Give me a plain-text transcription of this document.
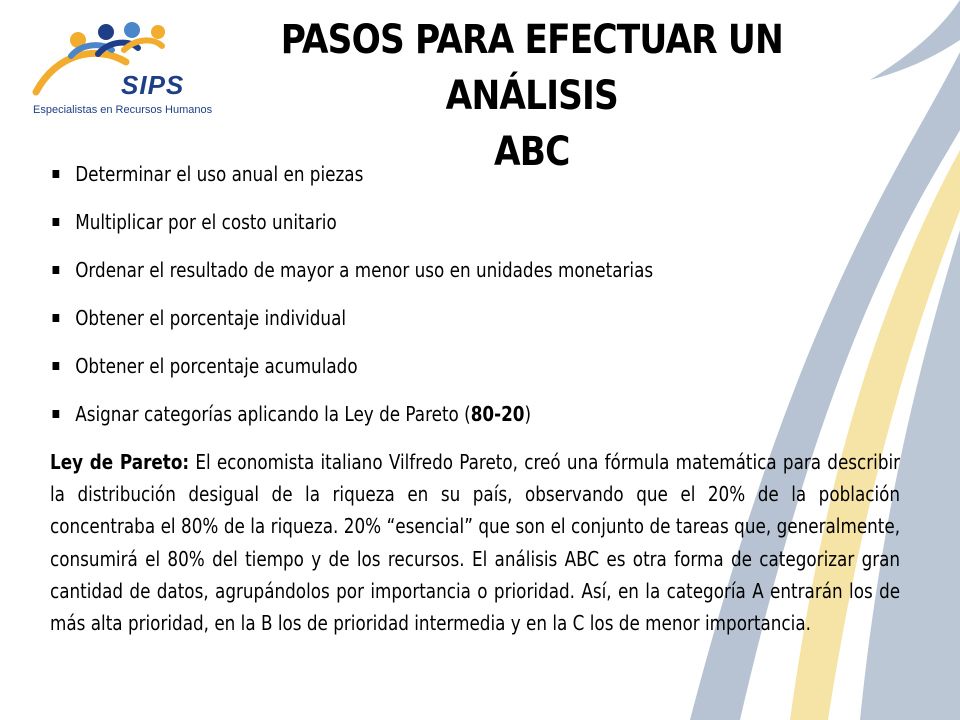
SIPS
Especialistas en Recursos Humanos
PASOS PARA EFECTUAR UN ANÁLISIS
ABC
Determinar el uso anual en piezas
Multiplicar por el costo unitario
Ordenar el resultado de mayor a menor uso en unidades monetarias
Obtener el porcentaje individual
Obtener el porcentaje acumulado
Asignar categorías aplicando la Ley de Pareto (80-20)
Ley de Pareto: El economista italiano Vilfredo Pareto, creó una fórmula matemática para describir la distribución desigual de la riqueza en su país, observando que el 20% de la población concentraba el 80% de la riqueza. 20% “esencial” que son el conjunto de tareas que, generalmente, consumirá el 80% del tiempo y de los recursos. El análisis ABC es otra forma de categorizar gran cantidad de datos, agrupándolos por importancia o prioridad. Así, en la categoría A entrarán los de más alta prioridad, en la B los de prioridad intermedia y en la C los de menor importancia.
